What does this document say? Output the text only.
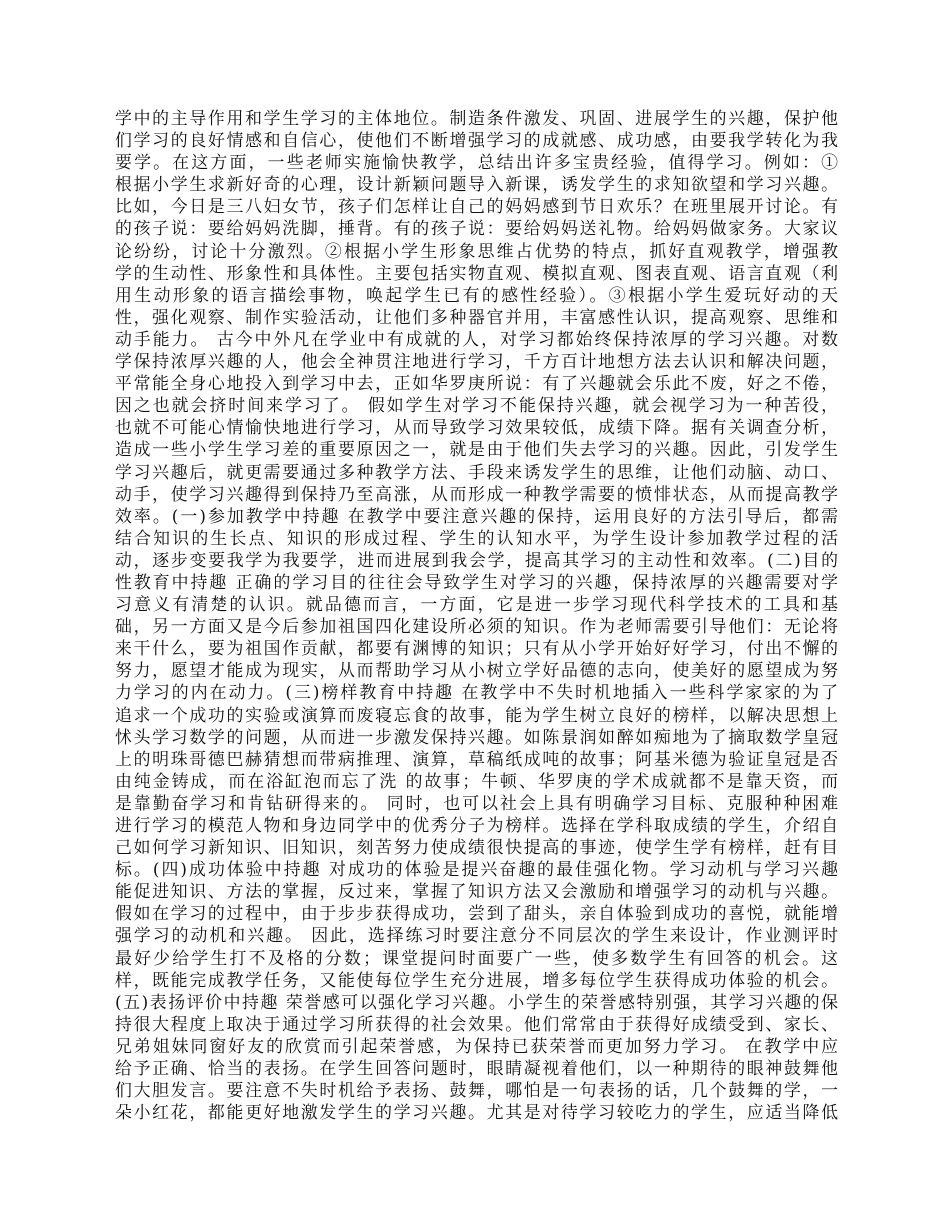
学中的主导作用和学生学习的主体地位。制造条件激发、巩固、进展学生的兴趣，保护他
们学习的良好情感和自信心，使他们不断增强学习的成就感、成功感，由要我学转化为我
要学。在这方面，一些老师实施愉快教学，总结出许多宝贵经验，值得学习。例如：①
根据小学生求新好奇的心理，设计新颖问题导入新课，诱发学生的求知欲望和学习兴趣。
比如，今日是三八妇女节，孩子们怎样让自己的妈妈感到节日欢乐？在班里展开讨论。有
的孩子说：要给妈妈洗脚，捶背。有的孩子说：要给妈妈送礼物。给妈妈做家务。大家议
论纷纷，讨论十分激烈。②根据小学生形象思维占优势的特点，抓好直观教学，增强教
学的生动性、形象性和具体性。主要包括实物直观、模拟直观、图表直观、语言直观（利
用生动形象的语言描绘事物，唤起学生已有的感性经验）。③根据小学生爱玩好动的天
性，强化观察、制作实验活动，让他们多种器官并用，丰富感性认识，提高观察、思维和
动手能力。 古今中外凡在学业中有成就的人，对学习都始终保持浓厚的学习兴趣。对数
学保持浓厚兴趣的人，他会全神贯注地进行学习，千方百计地想方法去认识和解决问题，
平常能全身心地投入到学习中去，正如华罗庚所说：有了兴趣就会乐此不废，好之不倦，
因之也就会挤时间来学习了。 假如学生对学习不能保持兴趣，就会视学习为一种苦役，
也就不可能心情愉快地进行学习，从而导致学习效果较低，成绩下降。据有关调查分析，
造成一些小学生学习差的重要原因之一，就是由于他们失去学习的兴趣。因此，引发学生
学习兴趣后，就更需要通过多种教学方法、手段来诱发学生的思维，让他们动脑、动口、
动手，使学习兴趣得到保持乃至高涨，从而形成一种教学需要的愤悱状态，从而提高教学
效率。(一)参加教学中持趣 在教学中要注意兴趣的保持，运用良好的方法引导后，都需
结合知识的生长点、知识的形成过程、学生的认知水平，为学生设计参加教学过程的活
动，逐步变要我学为我要学，进而进展到我会学，提高其学习的主动性和效率。(二)目的
性教育中持趣 正确的学习目的往往会导致学生对学习的兴趣，保持浓厚的兴趣需要对学
习意义有清楚的认识。就品德而言，一方面，它是进一步学习现代科学技术的工具和基
础，另一方面又是今后参加祖国四化建设所必须的知识。作为老师需要引导他们：无论将
来干什么，要为祖国作贡献，都要有渊博的知识；只有从小学开始好好学习，付出不懈的
努力，愿望才能成为现实，从而帮助学习从小树立学好品德的志向，使美好的愿望成为努
力学习的内在动力。(三)榜样教育中持趣 在教学中不失时机地插入一些科学家家的为了
追求一个成功的实验或演算而废寝忘食的故事，能为学生树立良好的榜样，以解决思想上
怵头学习数学的问题，从而进一步激发保持兴趣。如陈景润如醉如痴地为了摘取数学皇冠
上的明珠哥德巴赫猜想而带病推理、演算，草稿纸成吨的故事；阿基米德为验证皇冠是否
由纯金铸成，而在浴缸泡而忘了洗 的故事；牛顿、华罗庚的学术成就都不是靠天资，而
是靠勤奋学习和肯钻研得来的。 同时，也可以社会上具有明确学习目标、克服种种困难
进行学习的模范人物和身边同学中的优秀分子为榜样。选择在学科取成绩的学生，介绍自
己如何学习新知识、旧知识，刻苦努力使成绩很快提高的事迹，使学生学有榜样，赶有目
标。(四)成功体验中持趣 对成功的体验是提兴奋趣的最佳强化物。学习动机与学习兴趣
能促进知识、方法的掌握，反过来，掌握了知识方法又会激励和增强学习的动机与兴趣。
假如在学习的过程中，由于步步获得成功，尝到了甜头，亲自体验到成功的喜悦，就能增
强学习的动机和兴趣。 因此，选择练习时要注意分不同层次的学生来设计，作业测评时
最好少给学生打不及格的分数；课堂提问时面要广一些，使多数学生有回答的机会。这
样，既能完成教学任务，又能使每位学生充分进展，增多每位学生获得成功体验的机会。
(五)表扬评价中持趣 荣誉感可以强化学习兴趣。小学生的荣誉感特别强，其学习兴趣的保
持很大程度上取决于通过学习所获得的社会效果。他们常常由于获得好成绩受到、家长、
兄弟姐妹同窗好友的欣赏而引起荣誉感，为保持已获荣誉而更加努力学习。 在教学中应
给予正确、恰当的表扬。在学生回答问题时，眼睛凝视着他们，以一种期待的眼神鼓舞他
们大胆发言。要注意不失时机给予表扬、鼓舞，哪怕是一句表扬的话，几个鼓舞的学，一
朵小红花，都能更好地激发学生的学习兴趣。尤其是对待学习较吃力的学生，应适当降低
